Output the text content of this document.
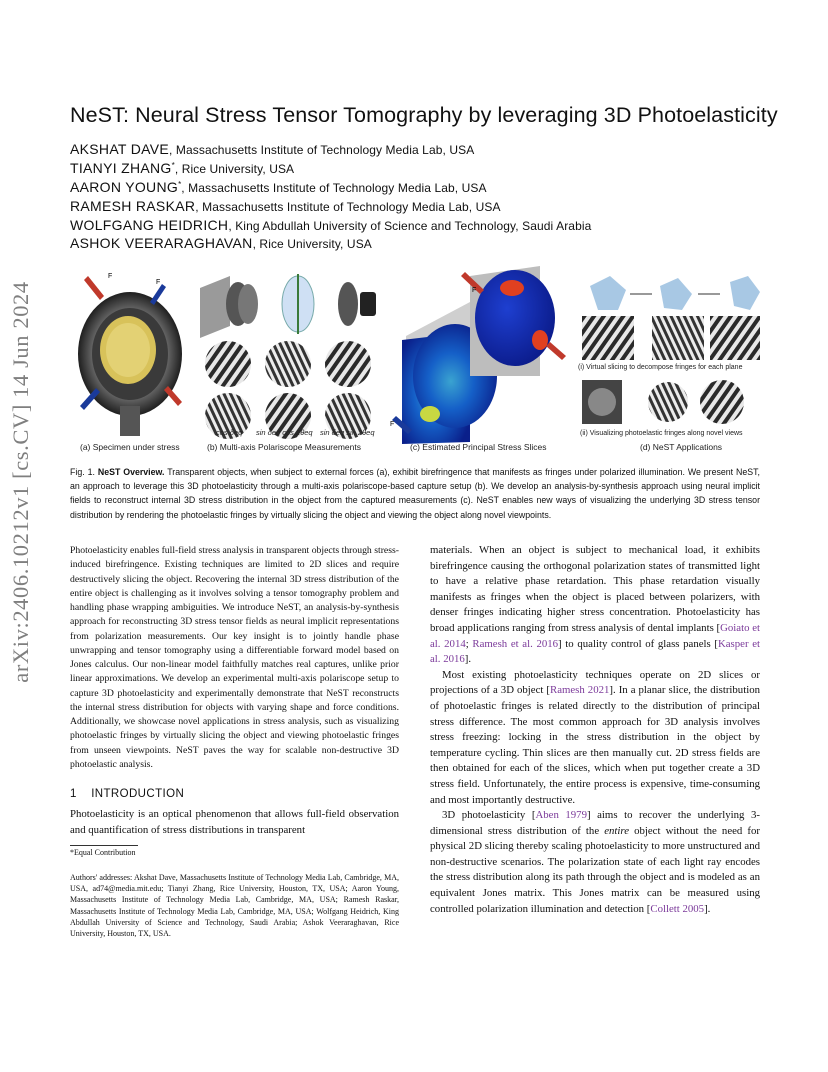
arXiv:2406.10212v1 [cs.CV] 14 Jun 2024
NeST: Neural Stress Tensor Tomography by leveraging 3D Photoelasticity
AKSHAT DAVE, Massachusetts Institute of Technology Media Lab, USA
TIANYI ZHANG*, Rice University, USA
AARON YOUNG*, Massachusetts Institute of Technology Media Lab, USA
RAMESH RASKAR, Massachusetts Institute of Technology Media Lab, USA
WOLFGANG HEIDRICH, King Abdullah University of Science and Technology, Saudi Arabia
ASHOK VEERARAGHAVAN, Rice University, USA
F
F
F
F
(a) Specimen under stress	(b) Multi-axis Polariscope Measurements	(c) Estimated Principal Stress Slices	(d) NeST Applications
cos δeq sin δeq cos 2θeq sin δeq sin 2θeq
(i) Virtual slicing to decompose fringes for each plane
(ii) Visualizing photoelastic fringes along novel views
Fig. 1. NeST Overview. Transparent objects, when subject to external forces (a), exhibit birefringence that manifests as fringes under polarized illumination. We present NeST, an approach to leverage this 3D photoelasticity through a multi-axis polariscope-based capture setup (b). We develop an analysis-by-synthesis approach using neural implicit fields to reconstruct internal 3D stress distribution in the object from the captured measurements (c). NeST enables new ways of visualizing the underlying 3D stress tensor distribution by rendering the photoelastic fringes by virtually slicing the object and viewing the object along novel viewpoints.
Photoelasticity enables full-field stress analysis in transparent objects through stress-induced birefringence. Existing techniques are limited to 2D slices and require destructively slicing the object. Recovering the internal 3D stress distribution of the entire object is challenging as it involves solving a tensor tomography problem and handling phase wrapping ambiguities. We introduce NeST, an analysis-by-synthesis approach for reconstructing 3D stress tensor fields as neural implicit representations from polarization measurements. Our key insight is to jointly handle phase unwrapping and tensor tomography using a differentiable forward model based on Jones calculus. Our non-linear model faithfully matches real captures, unlike prior linear approximations. We develop an experimental multi-axis polariscope setup to capture 3D photoelasticity and experimentally demonstrate that NeST reconstructs the internal stress distribution for objects with varying shape and force conditions. Additionally, we showcase novel applications in stress analysis, such as visualizing photoelastic fringes by virtually slicing the object and viewing photoelastic fringes from unseen viewpoints. NeST paves the way for scalable non-destructive 3D photoelastic analysis.
1 INTRODUCTION
Photoelasticity is an optical phenomenon that allows full-field observation and quantification of stress distributions in transparent
*Equal Contribution
Authors' addresses: Akshat Dave, Massachusetts Institute of Technology Media Lab, Cambridge, MA, USA, ad74@media.mit.edu; Tianyi Zhang, Rice University, Houston, TX, USA; Aaron Young, Massachusetts Institute of Technology Media Lab, Cambridge, MA, USA; Ramesh Raskar, Massachusetts Institute of Technology Media Lab, Cambridge, MA, USA; Wolfgang Heidrich, King Abdullah University of Science and Technology, Saudi Arabia; Ashok Veeraraghavan, Rice University, Houston, TX, USA.

materials. When an object is subject to mechanical load, it exhibits birefringence causing the orthogonal polarization states of transmitted light to have a relative phase retardation. This phase retardation visually manifests as fringes when the object is placed between polarizers, with denser fringes indicating higher stress concentration. Photoelasticity has broad applications ranging from stress analysis of dental implants [Goiato et al. 2014; Ramesh et al. 2016] to quality control of glass panels [Kasper et al. 2016].

Most existing photoelasticity techniques operate on 2D slices or projections of a 3D object [Ramesh 2021]. In a planar slice, the distribution of photoelastic fringes is related directly to the distribution of principal stress difference. The most common approach for 3D analysis involves stress freezing: locking in the stress distribution in the object by temperature cycling. Thin slices are then manually cut. 2D stress fields are then obtained for each of the slices, which when put together create a 3D stress field. Unfortunately, the entire process is expensive, time-consuming and most importantly destructive.

3D photoelasticity [Aben 1979] aims to recover the underlying 3-dimensional stress distribution of the entire object without the need for physical 2D slicing thereby scaling photoelasticity to more unstructured and non-destructive scenarios. The polarization state of each light ray encodes the stress distribution along its path through the object and is modeled as an equivalent Jones matrix. This Jones matrix can be measured using controlled polarization illumination and detection [Collett 2005].
